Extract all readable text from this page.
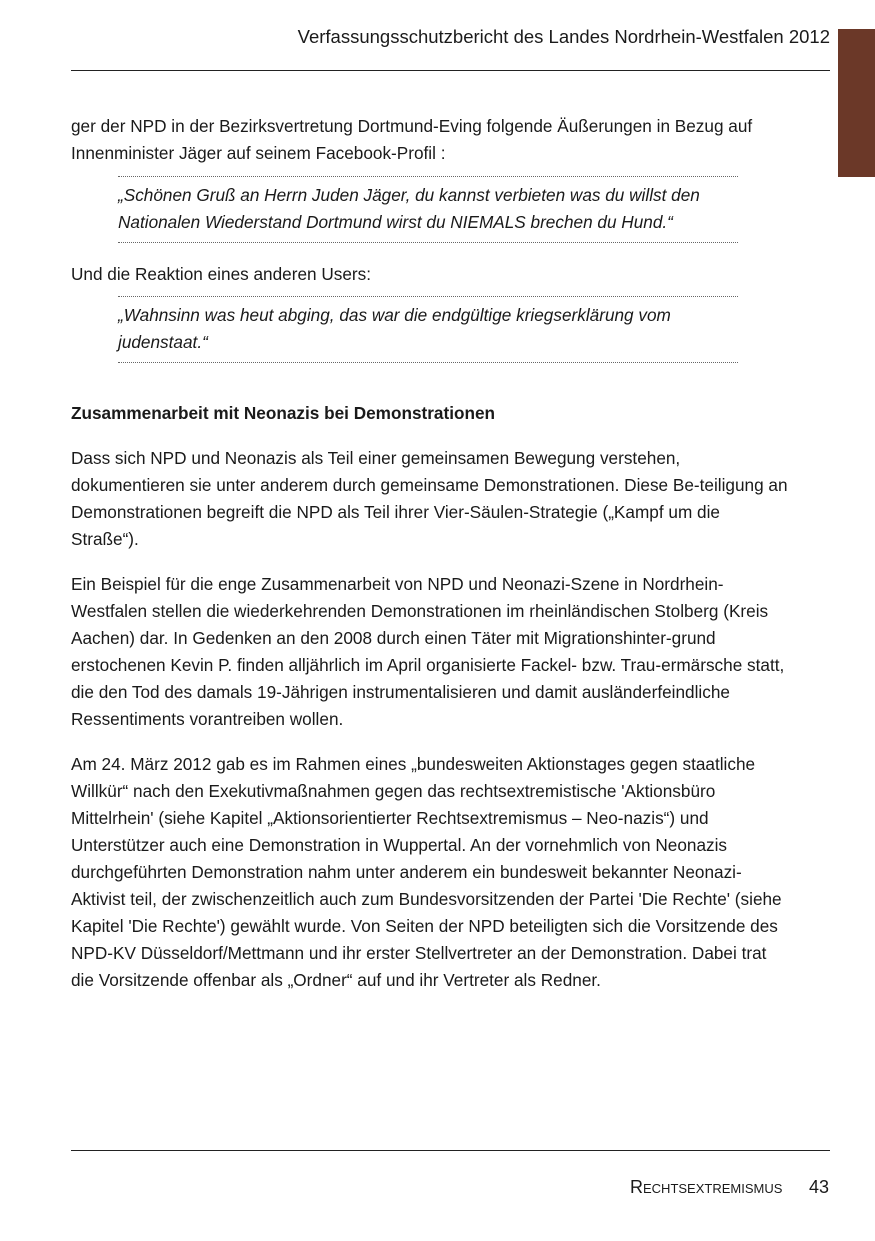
Verfassungsschutzbericht des Landes Nordrhein-Westfalen 2012

ger der NPD in der Bezirksvertretung Dortmund-Eving folgende Äußerungen in Bezug auf Innenminister Jäger auf seinem Facebook-Profil :

„Schönen Gruß an Herrn Juden Jäger, du kannst verbieten was du willst den Nationalen Wiederstand Dortmund wirst du NIEMALS brechen du Hund.“

Und die Reaktion eines anderen Users:

„Wahnsinn was heut abging, das war die endgültige kriegserklärung vom judenstaat.“

Zusammenarbeit mit Neonazis bei Demonstrationen

Dass sich NPD und Neonazis als Teil einer gemeinsamen Bewegung verstehen, dokumentieren sie unter anderem durch gemeinsame Demonstrationen. Diese Be-teiligung an Demonstrationen begreift die NPD als Teil ihrer Vier-Säulen-Strategie („Kampf um die Straße“).

Ein Beispiel für die enge Zusammenarbeit von NPD und Neonazi-Szene in Nordrhein-Westfalen stellen die wiederkehrenden Demonstrationen im rheinländischen Stolberg (Kreis Aachen) dar. In Gedenken an den 2008 durch einen Täter mit Migrationshinter-grund erstochenen Kevin P. finden alljährlich im April organisierte Fackel- bzw. Trau-ermärsche statt, die den Tod des damals 19-Jährigen instrumentalisieren und damit ausländerfeindliche Ressentiments vorantreiben wollen.

Am 24. März 2012 gab es im Rahmen eines „bundesweiten Aktionstages gegen staatliche Willkür“ nach den Exekutivmaßnahmen gegen das rechtsextremistische 'Aktionsbüro Mittelrhein' (siehe Kapitel „Aktionsorientierter Rechtsextremismus – Neo-nazis“) und Unterstützer auch eine Demonstration in Wuppertal. An der vornehmlich von Neonazis durchgeführten Demonstration nahm unter anderem ein bundesweit bekannter Neonazi-Aktivist teil, der zwischenzeitlich auch zum Bundesvorsitzenden der Partei 'Die Rechte' (siehe Kapitel 'Die Rechte') gewählt wurde. Von Seiten der NPD beteiligten sich die Vorsitzende des NPD-KV Düsseldorf/Mettmann und ihr erster Stellvertreter an der Demonstration. Dabei trat die Vorsitzende offenbar als „Ordner“ auf und ihr Vertreter als Redner.

Rechtsextremismus 43
